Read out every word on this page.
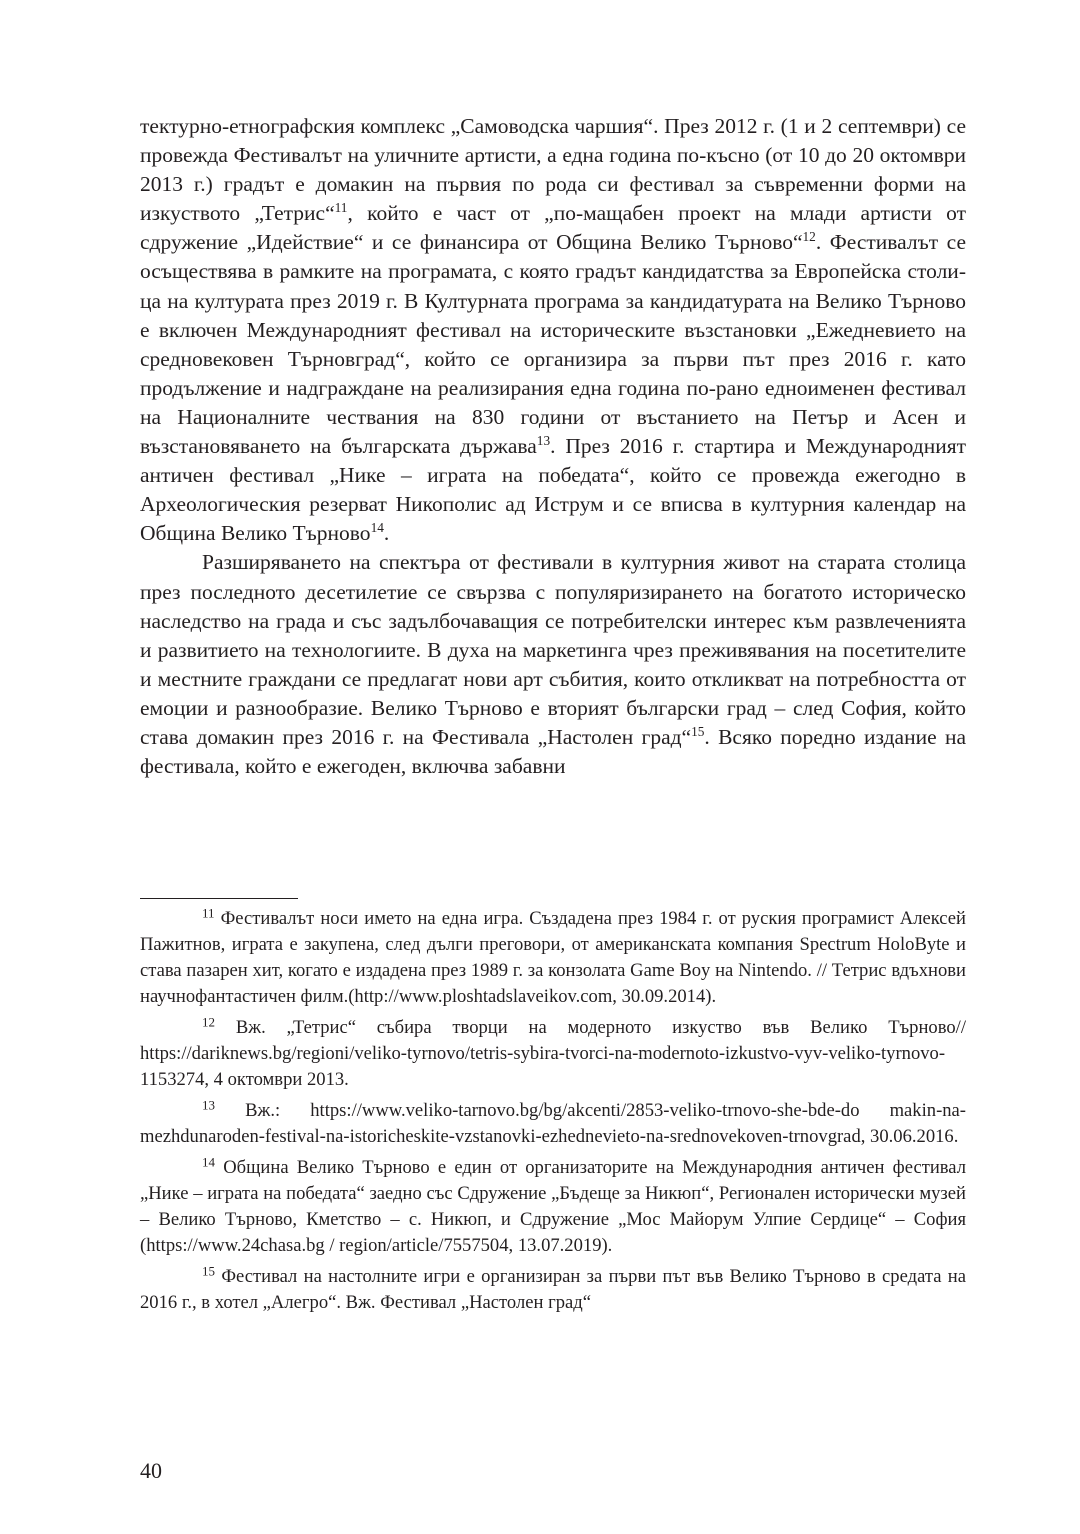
тектурно-етнографския комплекс „Самоводска чаршия“. През 2012 г. (1 и 2 септември) се провежда Фестивалът на уличните артисти, а една година по-късно (от 10 до 20 октомври 2013 г.) градът е домакин на първия по рода си фестивал за съвременни форми на изкуството „Тетрис“$^{11}$, който е част от „по-мащабен проект на млади артисти от сдружение „Идействие“ и се финансира от Община Велико Търново“$^{12}$. Фестивалът се осъществява в рамките на програмата, с която градът кандидатства за Европейска столица на културата през 2019 г. В Културната програма за кандидатурата на Велико Търново е включен Международният фестивал на историческите възстановки „Ежедневието на средновековен Търновград“, който се организира за първи път през 2016 г. като продължение и надграждане на реализирания една година по-рано едноименен фестивал на Националните чествания на 830 години от въстанието на Петър и Асен и възстановяването на българската държава$^{13}$. През 2016 г. стартира и Международният античен фестивал „Нике – играта на победата“, който се провежда ежегодно в Археологическия резерват Никополис ад Иструм и се вписва в културния календар на Община Велико Търново$^{14}$.

Разширяването на спектъра от фестивали в културния живот на старата столица през последното десетилетие се свързва с популяризирането на богатото историческо наследство на града и със задълбочаващия се потребителски интерес към развлеченията и развитието на технологиите. В духа на маркетинга чрез преживявания на посетителите и местните граждани се предлагат нови арт събития, които откликват на потребността от емоции и разнообразие. Велико Търново е вторият български град – след София, който става домакин през 2016 г. на Фестивала „Настолен град“$^{15}$. Всяко поредно издание на фестивала, който е ежегоден, включва забавни

$^{11}$ Фестивалът носи името на една игра. Създадена през 1984 г. от руския програмист Алексей Пажитнов, играта е закупена, след дълги преговори, от американската компания Spectrum HoloByte и става пазарен хит, когато е издадена през 1989 г. за конзолата Game Boy на Nintendo. // Тетрис вдъхнови научнофантастичен филм.(http://www.ploshtadslaveikov.com, 30.09.2014).

$^{12}$ Вж. „Тетрис“ събира творци на модерното изкуство във Велико Търново// https://dariknews.bg/regioni/veliko-tyrnovo/tetris-sybira-tvorci-na-modernoto-izkustvo-vyv-veliko-tyrnovo-1153274, 4 октомври 2013.

$^{13}$ Вж.: https://www.veliko-tarnovo.bg/bg/akcenti/2853-veliko-trnovo-she-bde-do makin-na-mezhdunaroden-festival-na-istoricheskite-vzstanovki-ezhednevieto-na-srednovekoven-trnovgrad, 30.06.2016.

$^{14}$ Община Велико Търново е един от организаторите на Международния античен фестивал „Нике – играта на победата“ заедно със Сдружение „Бъдеще за Никюп“, Регионален исторически музей – Велико Търново, Кметство – с. Никюп, и Сдружение „Мос Майорум Улпие Сердице“ – София (https://www.24chasa.bg / region/article/7557504, 13.07.2019).

$^{15}$ Фестивал на настолните игри е организиран за първи път във Велико Търново в средата на 2016 г., в хотел „Алегро“. Вж. Фестивал „Настолен град“

40
